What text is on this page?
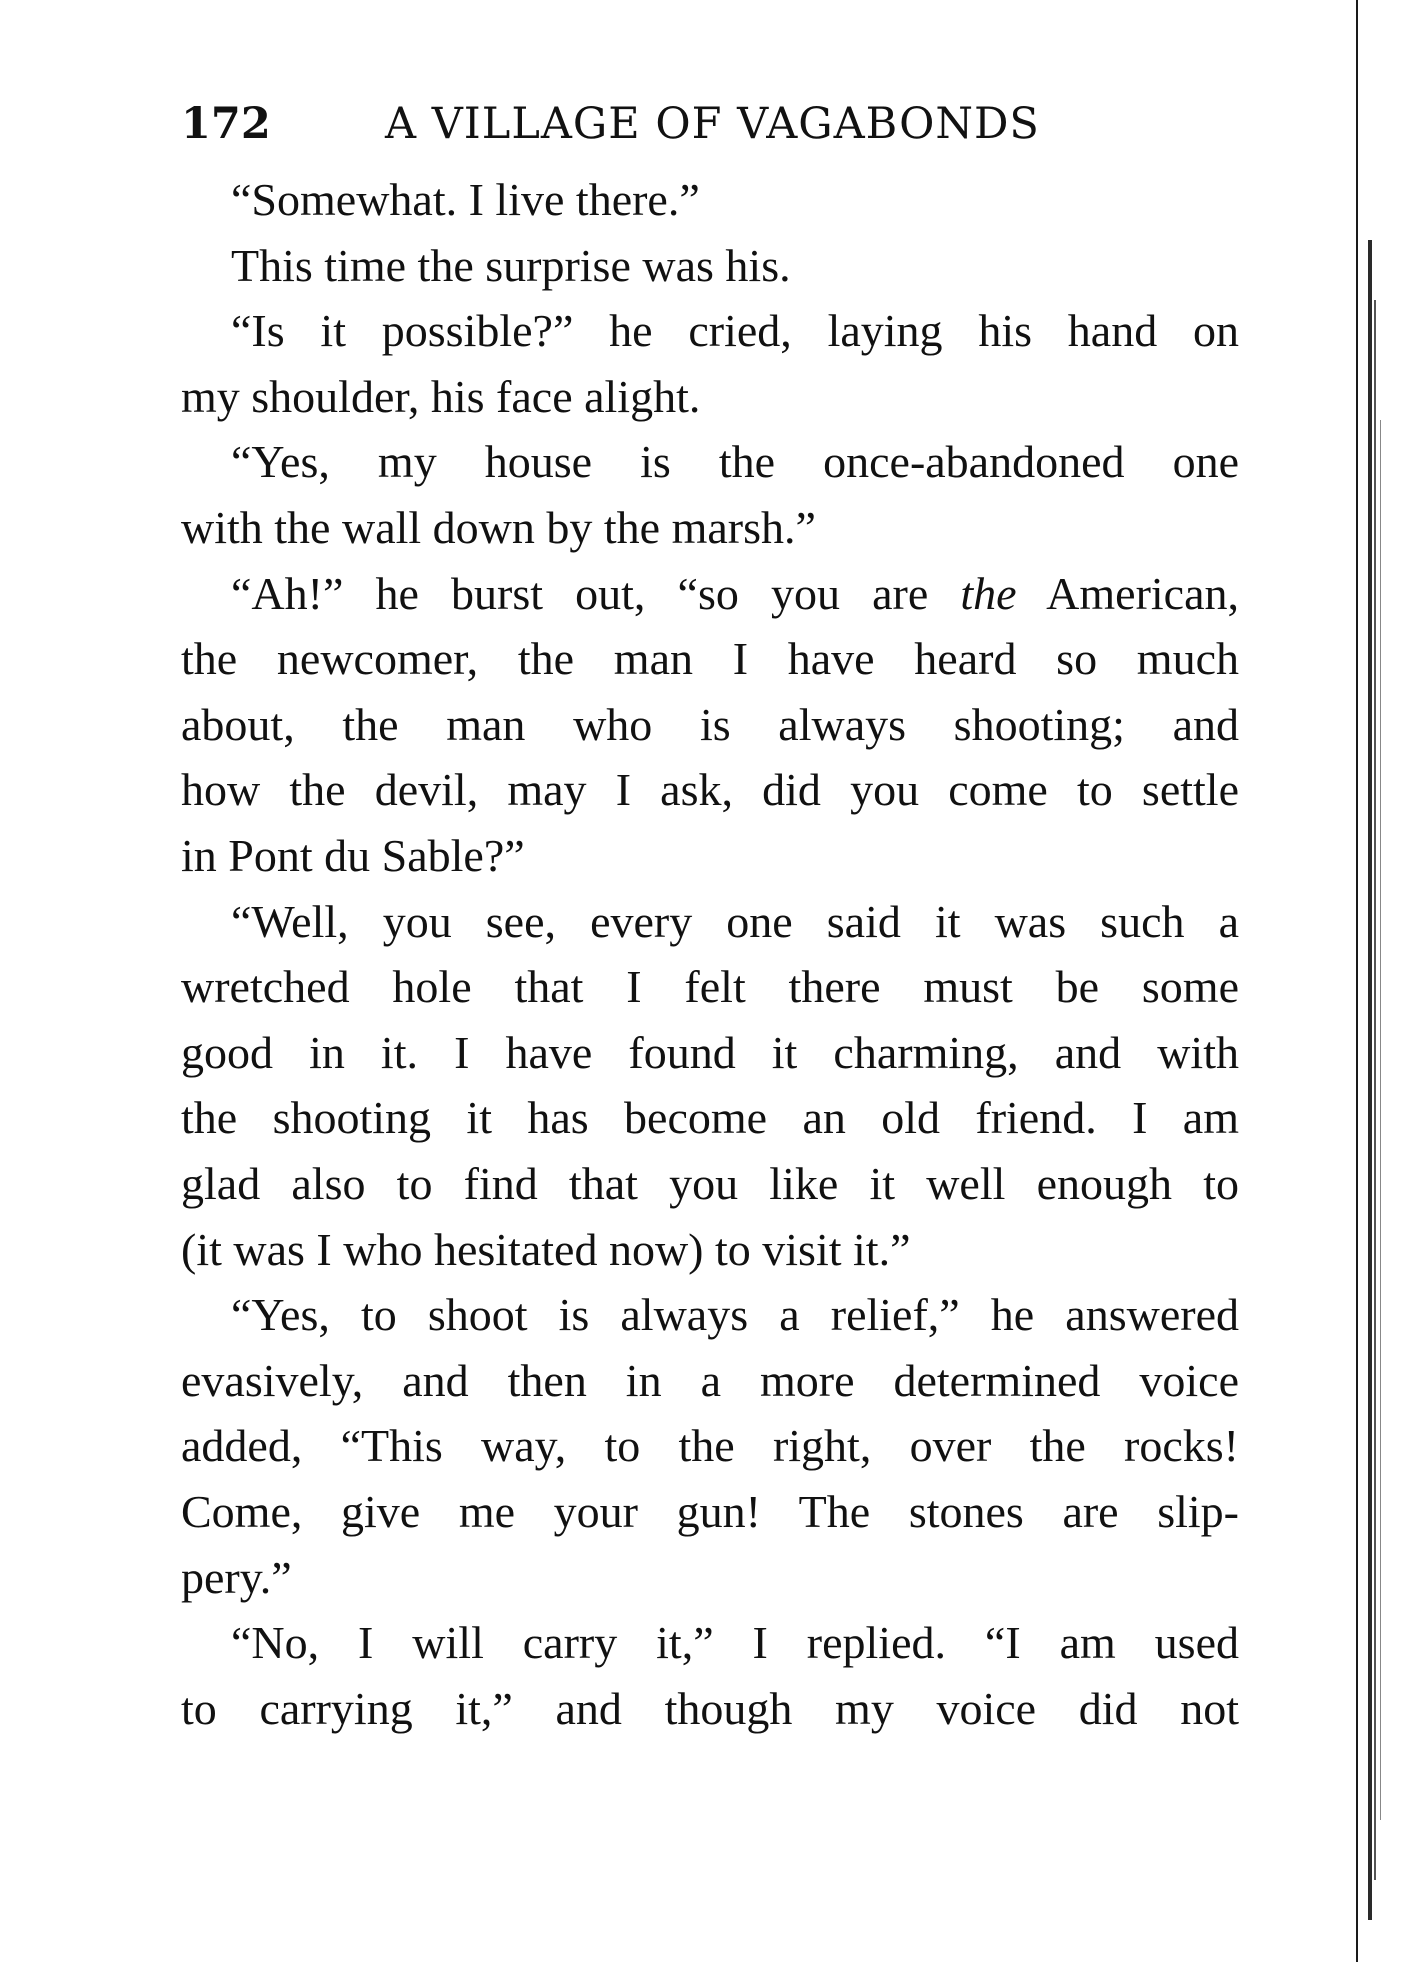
172	A VILLAGE OF VAGABONDS
“Somewhat. I live there.”
This time the surprise was his.
“Is it possible?” he cried, laying his hand on
my shoulder, his face alight.
“Yes, my house is the once-abandoned one
with the wall down by the marsh.”
“Ah!” he burst out, “so you are the American,
the newcomer, the man I have heard so much
about, the man who is always shooting; and
how the devil, may I ask, did you come to settle
in Pont du Sable?”
“Well, you see, every one said it was such a
wretched hole that I felt there must be some
good in it. I have found it charming, and with
the shooting it has become an old friend. I am
glad also to find that you like it well enough to
(it was I who hesitated now) to visit it.”
“Yes, to shoot is always a relief,” he answered
evasively, and then in a more determined voice
added, “This way, to the right, over the rocks!
Come, give me your gun! The stones are slip-
pery.”
“No, I will carry it,” I replied. “I am used
to carrying it,” and though my voice did not
